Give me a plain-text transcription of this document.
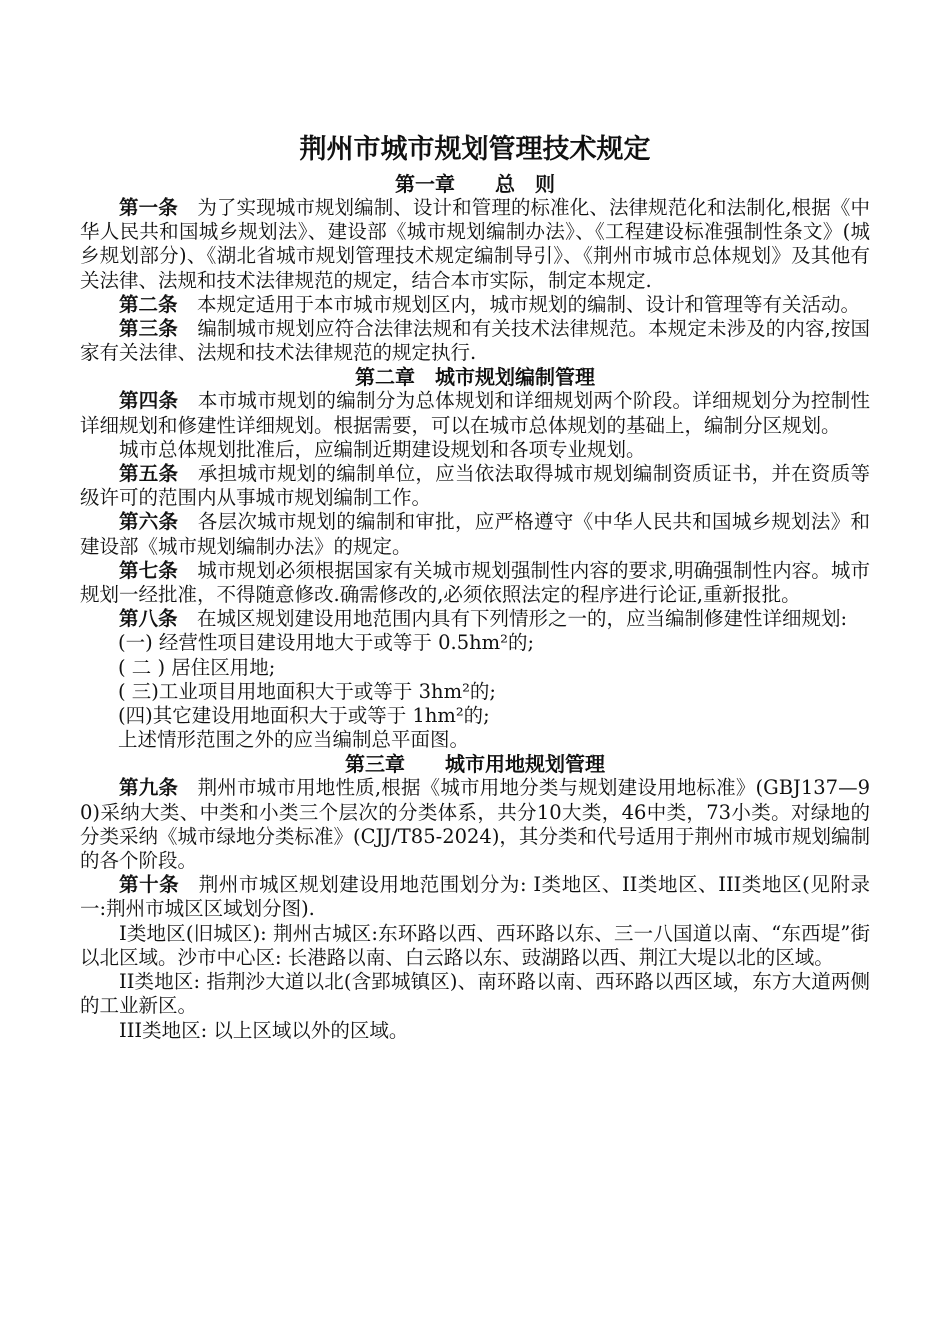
荆州市城市规划管理技术规定
第一章　　总　则

第一条 为了实现城市规划编制、设计和管理的标准化、法律规范化和法制化,根据《中华人民共和国城乡规划法》、建设部《城市规划编制办法》、《工程建设标准强制性条文》(城乡规划部分)、《湖北省城市规划管理技术规定编制导引》、《荆州市城市总体规划》及其他有关法律、法规和技术法律规范的规定，结合本市实际，制定本规定.

第二条 本规定适用于本市城市规划区内，城市规划的编制、设计和管理等有关活动。

第三条 编制城市规划应符合法律法规和有关技术法律规范。本规定未涉及的内容,按国家有关法律、法规和技术法律规范的规定执行.

第二章　城市规划编制管理

第四条 本市城市规划的编制分为总体规划和详细规划两个阶段。详细规划分为控制性详细规划和修建性详细规划。根据需要，可以在城市总体规划的基础上，编制分区规划。

城市总体规划批准后，应编制近期建设规划和各项专业规划。

第五条 承担城市规划的编制单位，应当依法取得城市规划编制资质证书，并在资质等级许可的范围内从事城市规划编制工作。

第六条 各层次城市规划的编制和审批，应严格遵守《中华人民共和国城乡规划法》和建设部《城市规划编制办法》的规定。

第七条 城市规划必须根据国家有关城市规划强制性内容的要求,明确强制性内容。城市规划一经批准，不得随意修改.确需修改的,必须依照法定的程序进行论证,重新报批。

第八条 在城区规划建设用地范围内具有下列情形之一的，应当编制修建性详细规划:

(一) 经营性项目建设用地大于或等于 0.5hm²的;

( 二 ) 居住区用地;

( 三)工业项目用地面积大于或等于 3hm²的;

(四)其它建设用地面积大于或等于 1hm²的;

上述情形范围之外的应当编制总平面图。

第三章　　城市用地规划管理

第九条 荆州市城市用地性质,根据《城市用地分类与规划建设用地标准》(GBJ137—90)采纳大类、中类和小类三个层次的分类体系，共分10大类，46中类，73小类。对绿地的分类采纳《城市绿地分类标准》(CJJ/T85-2024)，其分类和代号适用于荆州市城市规划编制的各个阶段。

第十条 荆州市城区规划建设用地范围划分为: I类地区、II类地区、III类地区(见附录一:荆州市城区区域划分图).

I类地区(旧城区): 荆州古城区:东环路以西、西环路以东、三一八国道以南、“东西堤”街以北区域。沙市中心区: 长港路以南、白云路以东、豉湖路以西、荆江大堤以北的区域。

II类地区: 指荆沙大道以北(含郢城镇区)、南环路以南、西环路以西区域，东方大道两侧的工业新区。

III类地区: 以上区域以外的区域。
